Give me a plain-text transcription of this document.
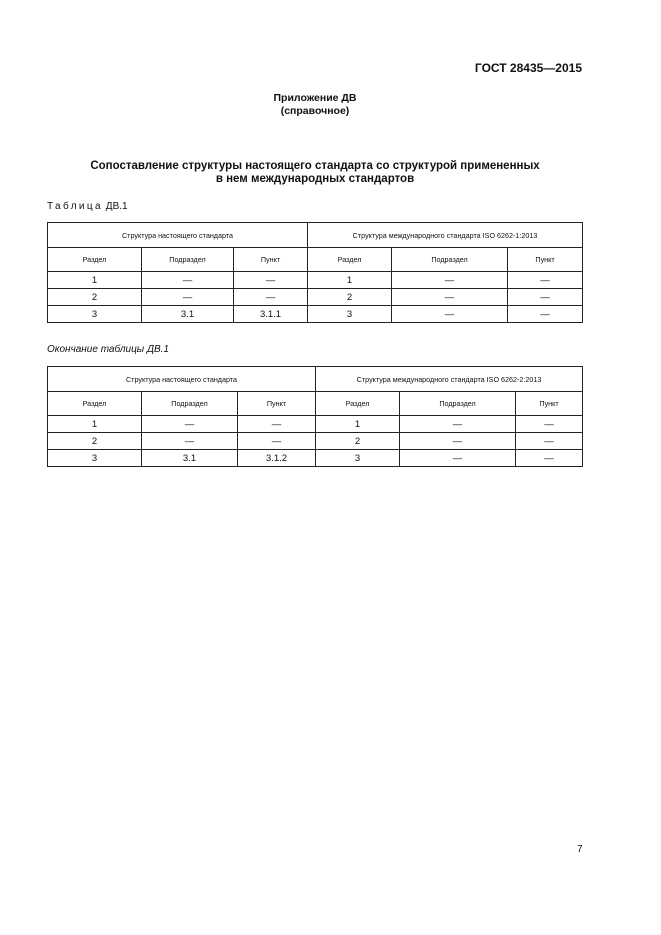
ГОСТ 28435—2015
Приложение ДВ
(справочное)
Сопоставление структуры настоящего стандарта со структурой примененных
в нем международных стандартов
Таблица ДВ.1
Структура настоящего стандарта			Структура международного стандарта ISO 6262-1:2013		
Раздел	Подраздел	Пункт	Раздел	Подраздел	Пункт
1	—	—	1	—	—
2	—	—	2	—	—
3	3.1	3.1.1	3	—	—
Окончание таблицы ДВ.1
Структура настоящего стандарта			Структура международного стандарта ISO 6262-2:2013		
Раздел	Подраздел	Пункт	Раздел	Подраздел	Пункт
1	—	—	1	—	—
2	—	—	2	—	—
3	3.1	3.1.2	3	—	—
7
